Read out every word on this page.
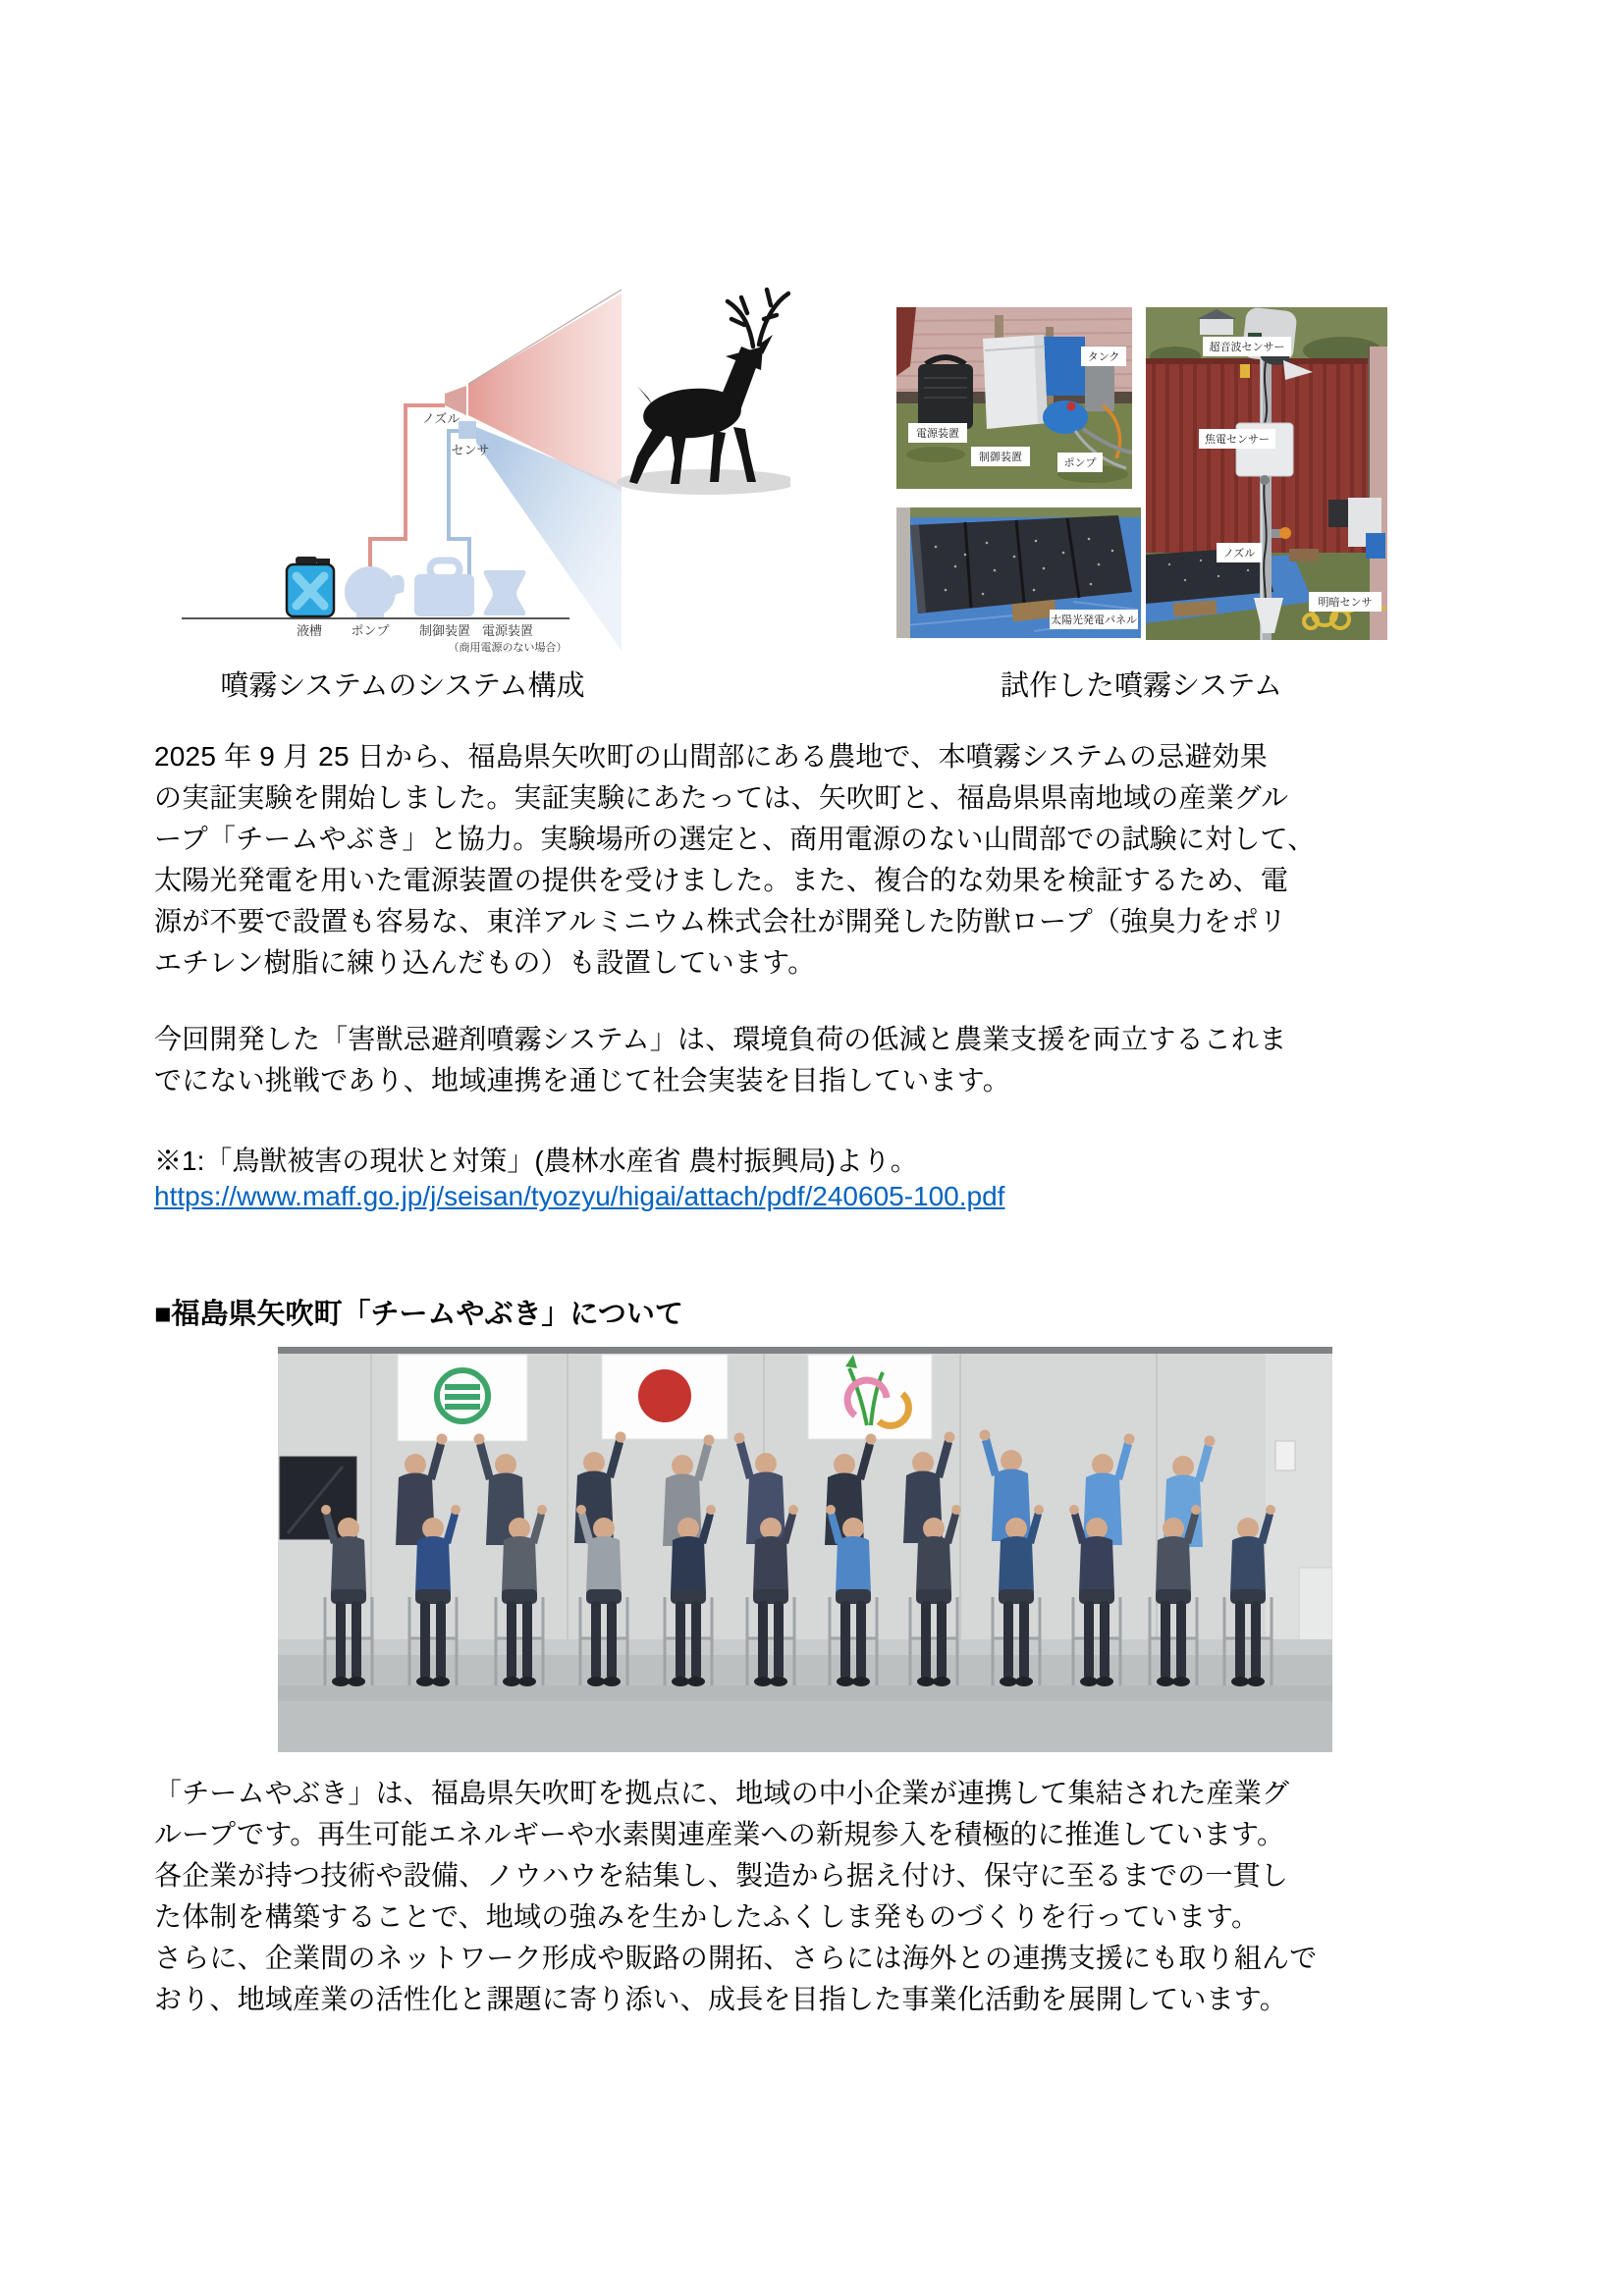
ノズル
センサ
液槽 ポンプ 制御装置 電源装置
（商用電源のない場合）
タンク
電源装置
制御装置	ポンプ
太陽光発電パネル
超音波センサー
焦電センサー
ノズル
明暗センサ
噴霧システムのシステム構成	試作した噴霧システム
2025 年 9 月 25 日から、福島県矢吹町の山間部にある農地で、本噴霧システムの忌避効果
の実証実験を開始しました。実証実験にあたっては、矢吹町と、福島県県南地域の産業グル
ープ「チームやぶき」と協力。実験場所の選定と、商用電源のない山間部での試験に対して、
太陽光発電を用いた電源装置の提供を受けました。また、複合的な効果を検証するため、電
源が不要で設置も容易な、東洋アルミニウム株式会社が開発した防獣ロープ（強臭力をポリ
エチレン樹脂に練り込んだもの）も設置しています。
今回開発した「害獣忌避剤噴霧システム」は、環境負荷の低減と農業支援を両立するこれま
でにない挑戦であり、地域連携を通じて社会実装を目指しています。
※1:「鳥獣被害の現状と対策」(農林水産省 農村振興局)より。
https://www.maff.go.jp/j/seisan/tyozyu/higai/attach/pdf/240605-100.pdf
■福島県矢吹町「チームやぶき」について
「チームやぶき」は、福島県矢吹町を拠点に、地域の中小企業が連携して集結された産業グ
ループです。再生可能エネルギーや水素関連産業への新規参入を積極的に推進しています。
各企業が持つ技術や設備、ノウハウを結集し、製造から据え付け、保守に至るまでの一貫し
た体制を構築することで、地域の強みを生かしたふくしま発ものづくりを行っています。
さらに、企業間のネットワーク形成や販路の開拓、さらには海外との連携支援にも取り組んで
おり、地域産業の活性化と課題に寄り添い、成長を目指した事業化活動を展開しています。
